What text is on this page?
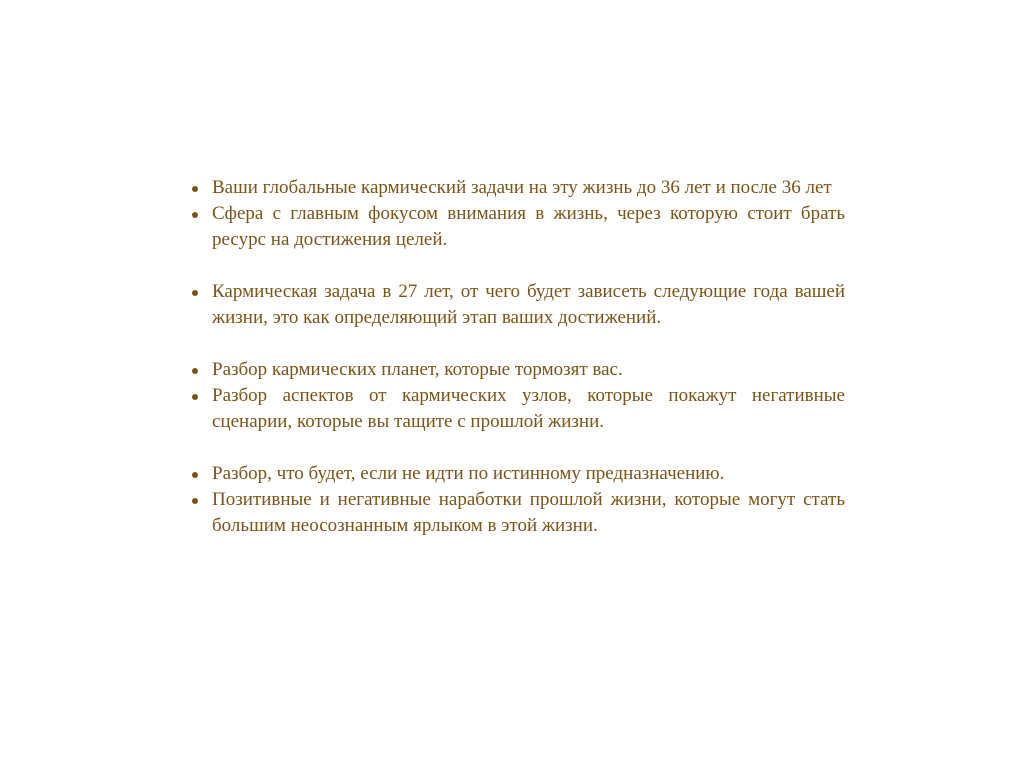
Ваши глобальные кармический задачи на эту жизнь до 36 лет и после 36 лет
Сфера с главным фокусом внимания в жизнь, через которую стоит брать ресурс на достижения целей.
Кармическая задача в 27 лет, от чего будет зависеть следующие года вашей жизни, это как определяющий этап ваших достижений.
Разбор кармических планет, которые тормозят вас.
Разбор аспектов от кармических узлов, которые покажут негативные сценарии, которые вы тащите с прошлой жизни.
Разбор, что будет, если не идти по истинному предназначению.
Позитивные и негативные наработки прошлой жизни, которые могут стать большим неосознанным ярлыком в этой жизни.
